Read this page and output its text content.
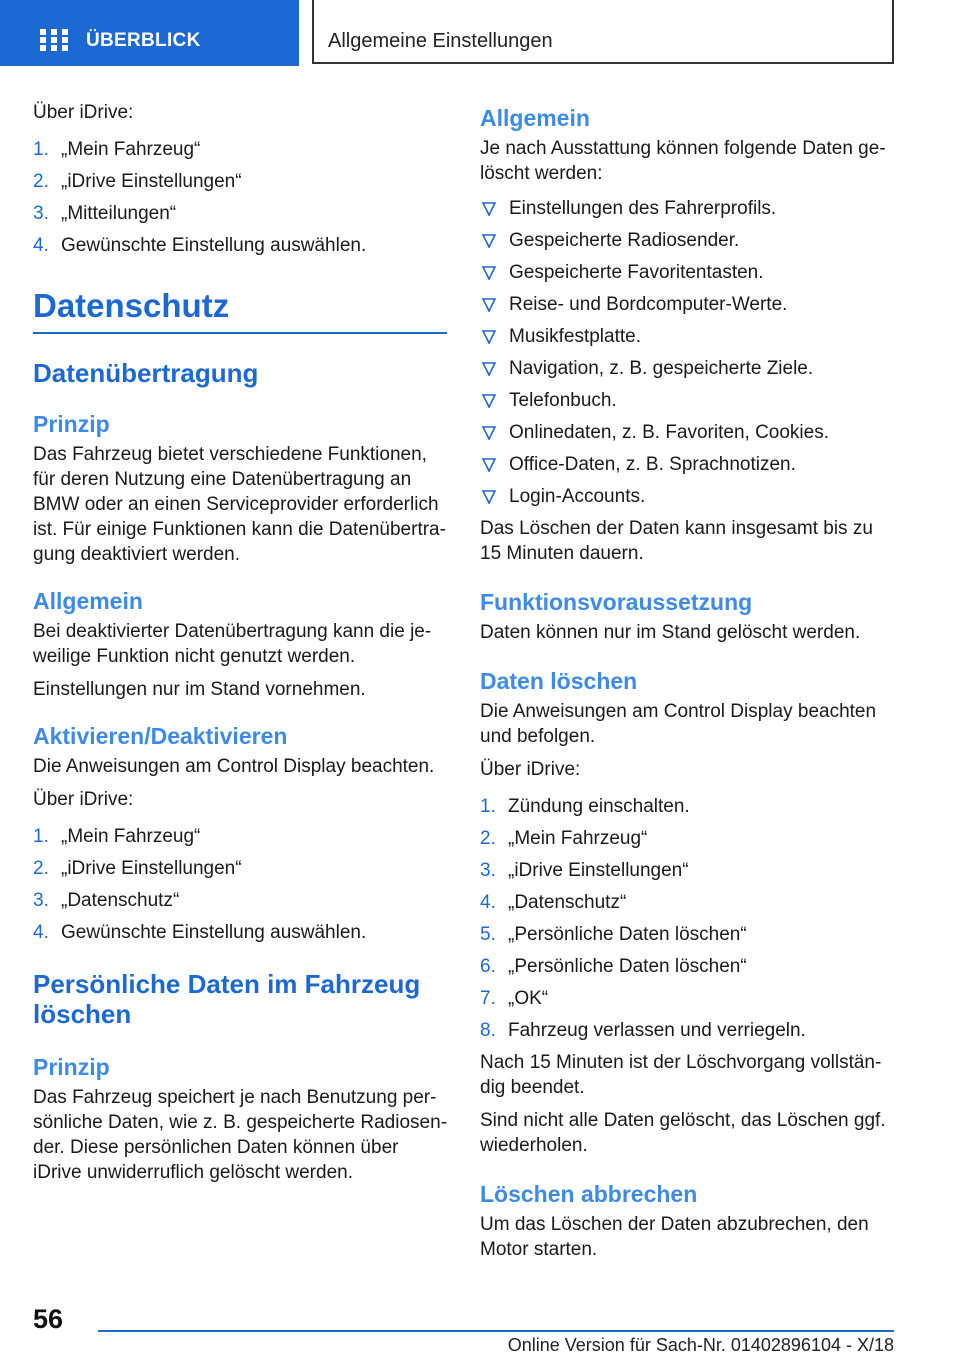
ÜBERBLICK	Allgemeine Einstellungen

Über iDrive:

1. „Mein Fahrzeug“
2. „iDrive Einstellungen“
3. „Mitteilungen“
4. Gewünschte Einstellung auswählen.
Datenschutz
Datenübertragung
Prinzip

Das Fahrzeug bietet verschiedene Funktionen, für deren Nutzung eine Datenübertragung an BMW oder an einen Serviceprovider erforderlich ist. Für einige Funktionen kann die Datenübertragung deaktiviert werden.

Allgemein

Bei deaktivierter Datenübertragung kann die jeweilige Funktion nicht genutzt werden.

Einstellungen nur im Stand vornehmen.

Aktivieren/Deaktivieren

Die Anweisungen am Control Display beachten.

Über iDrive:

1. „Mein Fahrzeug“
2. „iDrive Einstellungen“
3. „Datenschutz“
4. Gewünschte Einstellung auswählen.
Persönliche Daten im Fahrzeug löschen
Prinzip

Das Fahrzeug speichert je nach Benutzung persönliche Daten, wie z. B. gespeicherte Radiosender. Diese persönlichen Daten können über iDrive unwiderruflich gelöscht werden.

Allgemein

Je nach Ausstattung können folgende Daten gelöscht werden:

Einstellungen des Fahrerprofils.
Gespeicherte Radiosender.
Gespeicherte Favoritentasten.
Reise- und Bordcomputer-Werte.
Musikfestplatte.
Navigation, z. B. gespeicherte Ziele.
Telefonbuch.
Onlinedaten, z. B. Favoriten, Cookies.
Office-Daten, z. B. Sprachnotizen.
Login-Accounts.

Das Löschen der Daten kann insgesamt bis zu 15 Minuten dauern.

Funktionsvoraussetzung

Daten können nur im Stand gelöscht werden.

Daten löschen

Die Anweisungen am Control Display beachten und befolgen.

Über iDrive:

1. Zündung einschalten.
2. „Mein Fahrzeug“
3. „iDrive Einstellungen“
4. „Datenschutz“
5. „Persönliche Daten löschen“
6. „Persönliche Daten löschen“
7. „OK“
8. Fahrzeug verlassen und verriegeln.

Nach 15 Minuten ist der Löschvorgang vollständig beendet.

Sind nicht alle Daten gelöscht, das Löschen ggf. wiederholen.

Löschen abbrechen

Um das Löschen der Daten abzubrechen, den Motor starten.

56
Online Version für Sach-Nr. 01402896104 - X/18
